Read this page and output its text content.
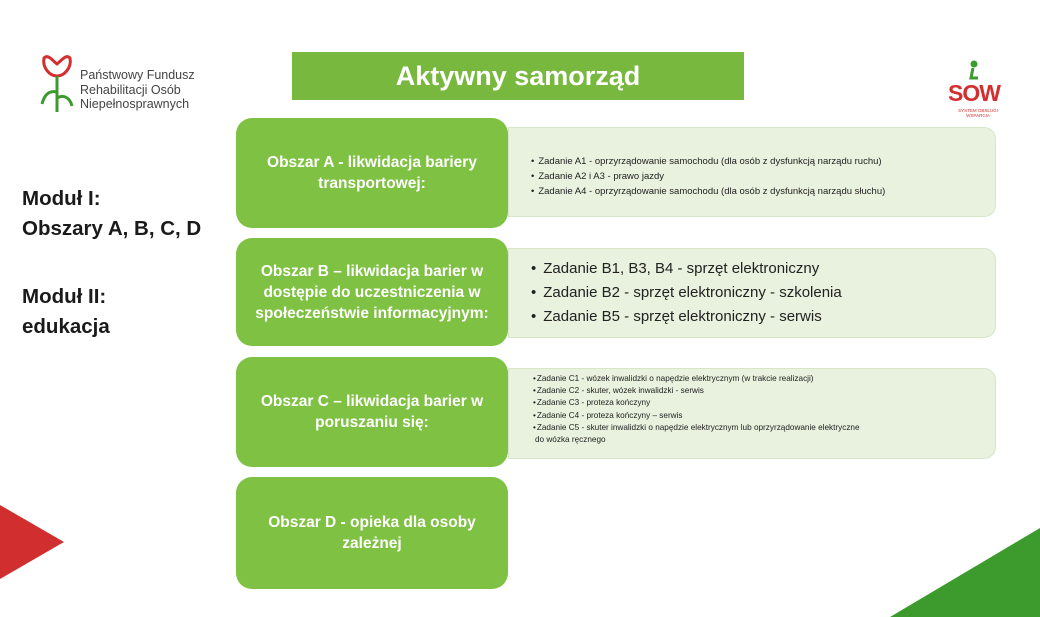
Aktywny samorząd
Państwowy Fundusz
Rehabilitacji Osób
Niepełnosprawnych	SOW
SYSTEM OBSŁUGI WSPARCIA
Moduł I:
Obszary A, B, C, D
Moduł II:
edukacja
• Zadanie A1 - oprzyrządowanie samochodu (dla osób z dysfunkcją narządu ruchu)
• Zadanie A2 i A3 - prawo jazdy
• Zadanie A4 - oprzyrządowanie samochodu (dla osób z dysfunkcją narządu słuchu)
• Zadanie B1, B3, B4 - sprzęt elektroniczny
• Zadanie B2 - sprzęt elektroniczny - szkolenia
• Zadanie B5 - sprzęt elektroniczny - serwis
• Zadanie C1 - wózek inwalidzki o napędzie elektrycznym (w trakcie realizacji)
• Zadanie C2 - skuter, wózek inwalidzki - serwis
• Zadanie C3 - proteza kończyny
• Zadanie C4 - proteza kończyny – serwis
• Zadanie C5 - skuter inwalidzki o napędzie elektrycznym lub oprzyrządowanie elektryczne
do wózka ręcznego
Obszar A - likwidacja bariery transportowej:
Obszar B – likwidacja barier w dostępie do uczestniczenia w społeczeństwie informacyjnym:
Obszar C – likwidacja barier w poruszaniu się:
Obszar D - opieka dla osoby zależnej
